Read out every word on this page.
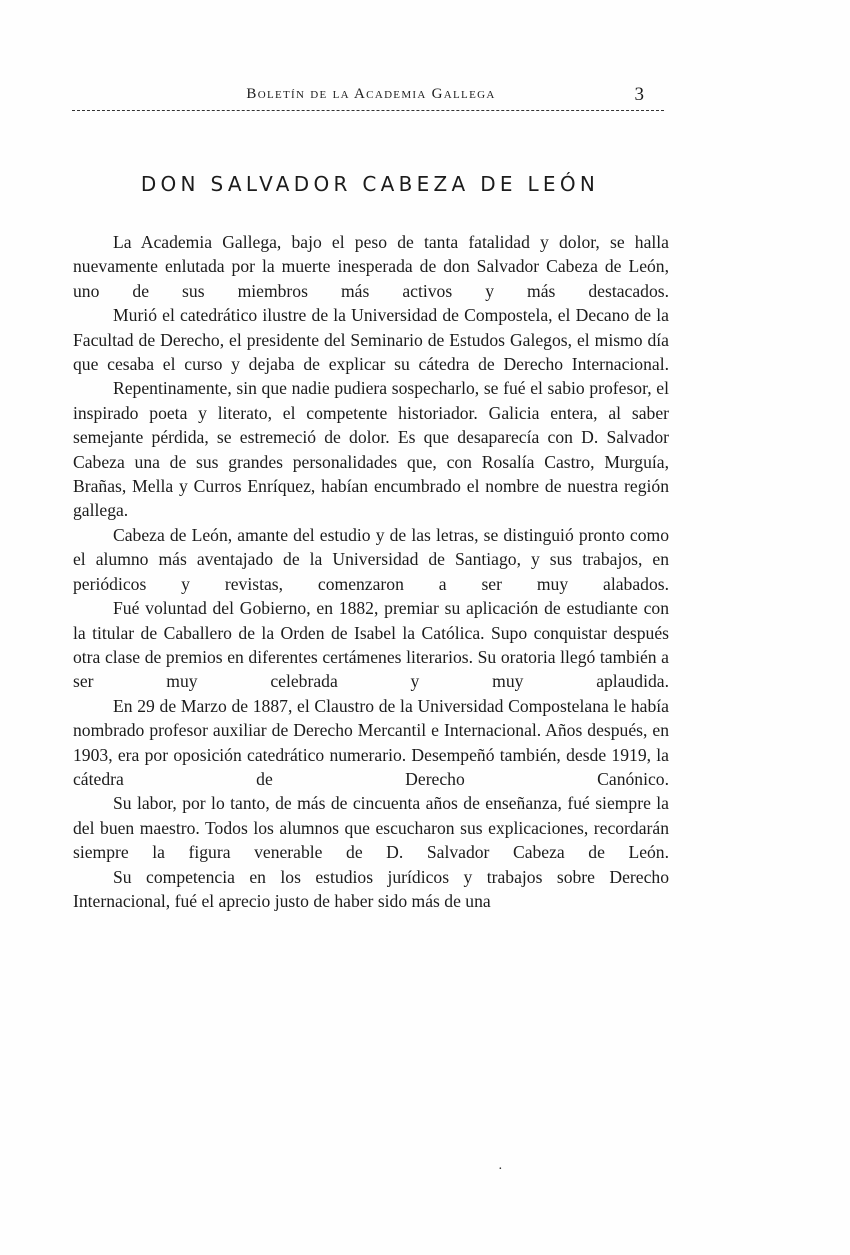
Boletín de la Academia Gallega	3
DON SALVADOR CABEZA DE LEÓN

La Academia Gallega, bajo el peso de tanta fatalidad y dolor, se halla nuevamente enlutada por la muerte inesperada de don Salvador Cabeza de León, uno de sus miembros más activos y más destacados.

Murió el catedrático ilustre de la Universidad de Compostela, el Decano de la Facultad de Derecho, el presidente del Seminario de Estudos Galegos, el mismo día que cesaba el curso y dejaba de explicar su cátedra de Derecho Internacional.

Repentinamente, sin que nadie pudiera sospecharlo, se fué el sabio profesor, el inspirado poeta y literato, el competente historiador. Galicia entera, al saber semejante pérdida, se estremeció de dolor. Es que desaparecía con D. Salvador Cabeza una de sus grandes personalidades que, con Rosalía Castro, Murguía, Brañas, Mella y Curros Enríquez, habían encumbrado el nombre de nuestra región gallega.

Cabeza de León, amante del estudio y de las letras, se distinguió pronto como el alumno más aventajado de la Universidad de Santiago, y sus trabajos, en periódicos y revistas, comenzaron a ser muy alabados.

Fué voluntad del Gobierno, en 1882, premiar su aplicación de estudiante con la titular de Caballero de la Orden de Isabel la Católica. Supo conquistar después otra clase de premios en diferentes certámenes literarios. Su oratoria llegó también a ser muy celebrada y muy aplaudida.

En 29 de Marzo de 1887, el Claustro de la Universidad Compostelana le había nombrado profesor auxiliar de Derecho Mercantil e Internacional. Años después, en 1903, era por oposición catedrático numerario. Desempeñó también, desde 1919, la cátedra de Derecho Canónico.

Su labor, por lo tanto, de más de cincuenta años de enseñanza, fué siempre la del buen maestro. Todos los alumnos que escucharon sus explicaciones, recordarán siempre la figura venerable de D. Salvador Cabeza de León.

Su competencia en los estudios jurídicos y trabajos sobre Derecho Internacional, fué el aprecio justo de haber sido más de una

·
